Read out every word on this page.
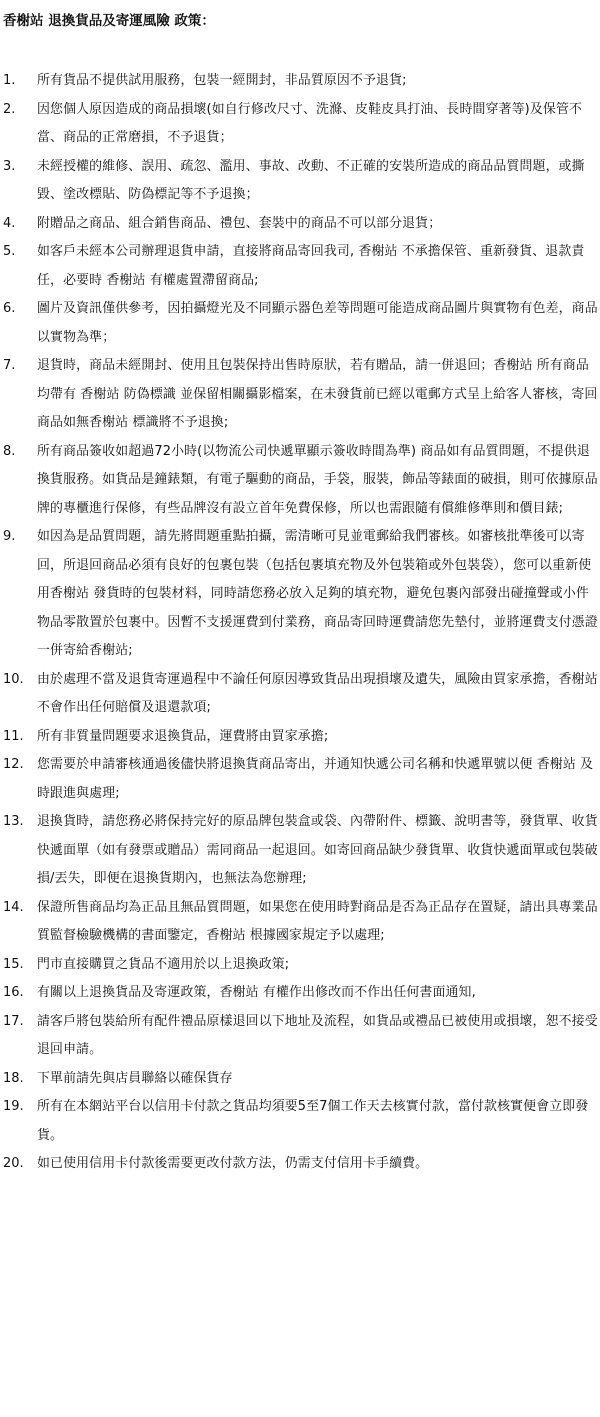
香榭站 退換貨品及寄運風險 政策：
1.	所有貨品不提供試用服務，包裝一經開封，非品質原因不予退貨;
2.	因您個人原因造成的商品損壞(如自行修改尺寸、洗滌、皮鞋皮具打油、長時間穿著等)及保管不當、商品的正常磨損，不予退貨；
3.	未經授權的維修、誤用、疏忽、濫用、事故、改動、不正確的安裝所造成的商品品質問題，或撕毀、塗改標貼、防偽標記等不予退換；
4.	附贈品之商品、組合銷售商品、禮包、套裝中的商品不可以部分退貨；
5.	如客戶未經本公司辦理退貨申請，直接將商品寄回我司, 香榭站 不承擔保管、重新發貨、退款責任，必要時 香榭站 有權處置滯留商品;
6.	圖片及資訊僅供參考，因拍攝燈光及不同顯示器色差等問題可能造成商品圖片與實物有色差，商品以實物為準；
7.	退貨時，商品未經開封、使用且包裝保持出售時原狀，若有贈品，請一併退回；香榭站 所有商品均帶有 香榭站 防偽標識 並保留相關攝影檔案，在未發貨前已經以電郵方式呈上給客人審核，寄回商品如無香榭站 標識將不予退換;
8.	所有商品簽收如超過72小時(以物流公司快遞單顯示簽收時間為準) 商品如有品質問題，不提供退換貨服務。如貨品是鐘錶類，有電子驅動的商品，手袋，服裝，飾品等錶面的破損，則可依據原品牌的專櫃進行保修，有些品牌沒有設立首年免費保修，所以也需跟隨有償維修準則和價目錶;
9.	如因為是品質問題，請先將問題重點拍攝，需清晰可見並電郵給我們審核。如審核批準後可以寄回，所退回商品必須有良好的包裹包裝（包括包裹填充物及外包裝箱或外包裝袋），您可以重新使用香榭站 發貨時的包裝材料，同時請您務必放入足夠的填充物，避免包裹內部發出碰撞聲或小件物品零散置於包裹中。因暫不支援運費到付業務，商品寄回時運費請您先墊付，並將運費支付憑證一併寄給香榭站;
10.	由於處理不當及退貨寄運過程中不論任何原因導致貨品出現損壞及遺失，風險由買家承擔，香榭站 不會作出任何賠償及退還款項;
11.	所有非質量問題要求退換貨品，運費將由買家承擔;
12.	您需要於申請審核通過後儘快將退換貨商品寄出，并通知快遞公司名稱和快遞單號以便 香榭站 及時跟進與處理;
13.	退換貨時，請您務必將保持完好的原品牌包裝盒或袋、內帶附件、標籤、說明書等，發貨單、收貨快遞面單（如有發票或贈品）需同商品一起退回。如寄回商品缺少發貨單、收貨快遞面單或包裝破損/丟失，即便在退換貨期內，也無法為您辦理;
14.	保證所售商品均為正品且無品質問題，如果您在使用時對商品是否為正品存在置疑，請出具專業品質監督檢驗機構的書面鑒定，香榭站 根據國家規定予以處理;
15.	門市直接購買之貨品不適用於以上退換政策;
16.	有關以上退換貨品及寄運政策，香榭站 有權作出修改而不作出任何書面通知,
17.	請客戶將包裝給所有配件禮品原樣退回以下地址及流程，如貨品或禮品已被使用或損壞，恕不接受退回申請。
18.	下單前請先與店員聯絡以確保貨存
19.	所有在本網站平台以信用卡付款之貨品均須要5至7個工作天去核實付款，當付款核實便會立即發貨。
20.	如已使用信用卡付款後需要更改付款方法，仍需支付信用卡手續費。
